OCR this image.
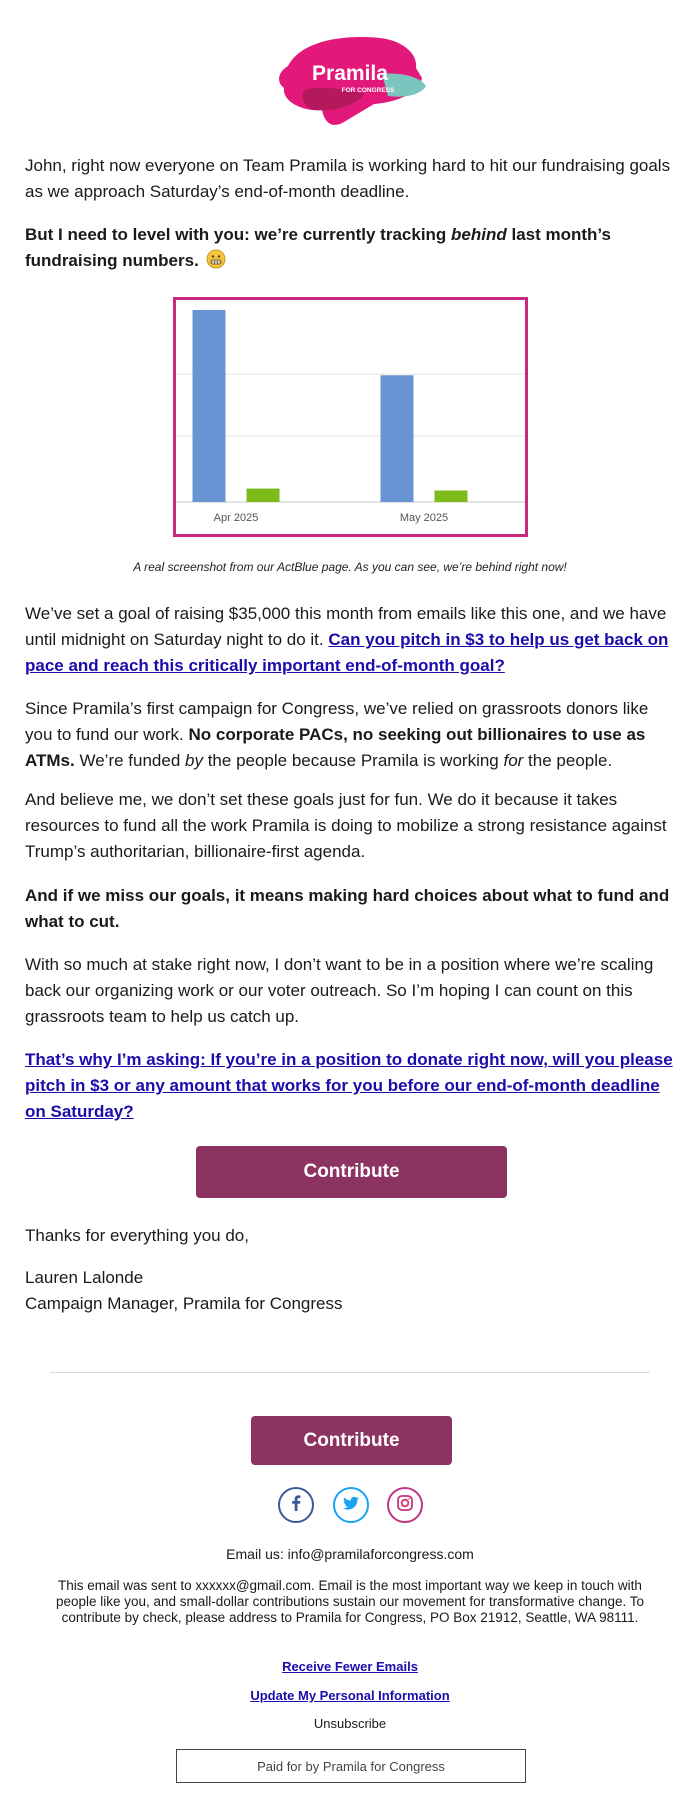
Pramila
FOR CONGRESS

John, right now everyone on Team Pramila is working hard to hit our fundraising goals as we approach Saturday’s end-of-month deadline.

But I need to level with you: we’re currently tracking behind last month’s fundraising numbers.

Apr 2025	May 2025
A real screenshot from our ActBlue page. As you can see, we’re behind right now!

We’ve set a goal of raising $35,000 this month from emails like this one, and we have until midnight on Saturday night to do it. Can you pitch in $3 to help us get back on pace and reach this critically important end-of-month goal?

Since Pramila’s first campaign for Congress, we’ve relied on grassroots donors like you to fund our work. No corporate PACs, no seeking out billionaires to use as ATMs. We’re funded by the people because Pramila is working for the people.

And believe me, we don’t set these goals just for fun. We do it because it takes resources to fund all the work Pramila is doing to mobilize a strong resistance against Trump’s authoritarian, billionaire-first agenda.

And if we miss our goals, it means making hard choices about what to fund and what to cut.

With so much at stake right now, I don’t want to be in a position where we’re scaling back our organizing work or our voter outreach. So I’m hoping I can count on this grassroots team to help us catch up.

That’s why I’m asking: If you’re in a position to donate right now, will you please pitch in $3 or any amount that works for you before our end-of-month deadline on Saturday?

Contribute

Thanks for everything you do,

Lauren Lalonde

Campaign Manager, Pramila for Congress

Contribute
Email us: info@pramilaforcongress.com
This email was sent to xxxxxx@gmail.com. Email is the most important way we keep in touch with people like you, and small-dollar contributions sustain our movement for transformative change. To contribute by check, please address to Pramila for Congress, PO Box 21912, Seattle, WA 98111.
Receive Fewer Emails
Update My Personal Information
Unsubscribe
Paid for by Pramila for Congress
